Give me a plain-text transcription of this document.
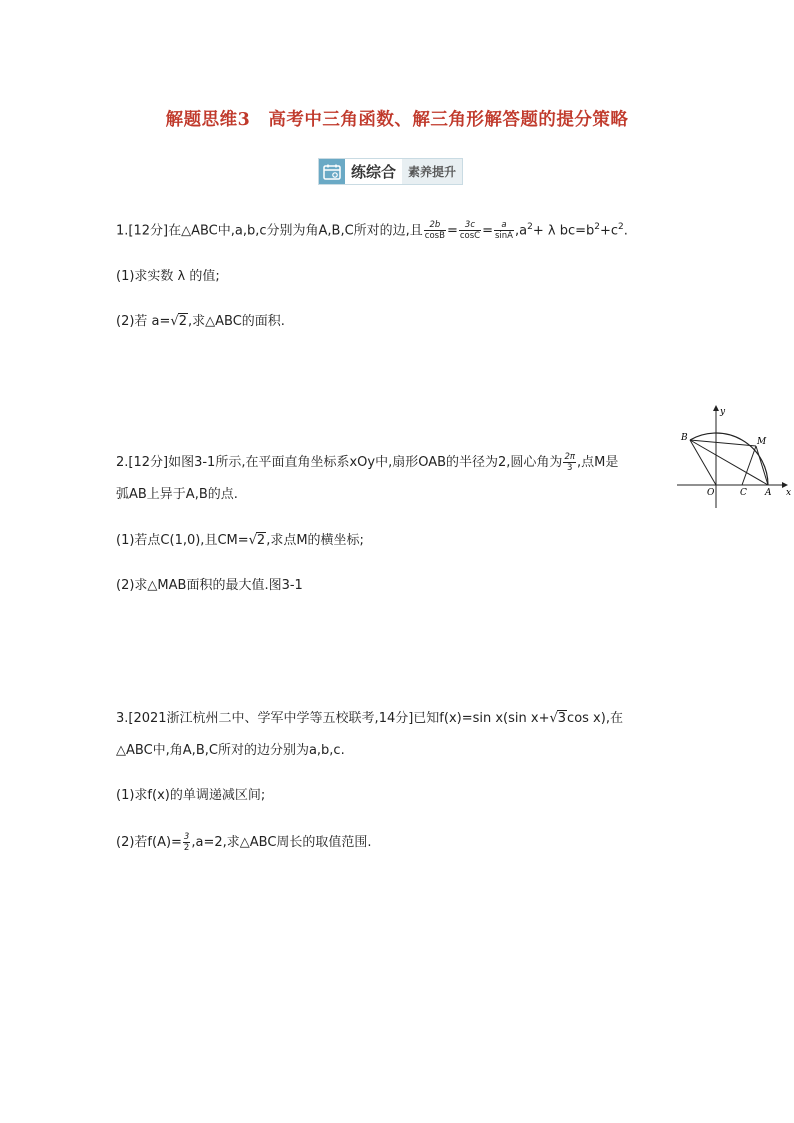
解题思维3　高考中三角函数、解三角形解答题的提分策略
练综合	素养提升
1.[12分]在△ABC中,a,b,c分别为角A,B,C所对的边,且 $\frac{2b}{\cos B} = \frac{3c}{\cos C} = \frac{a}{\sin A} ,a^2+ \lambda$ $bc=b^2+c^2$.
(1)求实数 λ 的值;
(2)若 a=√2,求△ABC的面积.
2.[12分]如图3-1所示,在平面直角坐标系xOy中,扇形OAB的半径为2,圆心角为 $\frac{2\pi}{3}$ ,点M是
弧AB上异于A,B的点.
(1)若点C(1,0),且CM=√2,求点M的横坐标;
(2)求△MAB面积的最大值.图3-1
y
x
O	A
C
B	M
3.[2021浙江杭州二中、学军中学等五校联考,14分]已知f(x)=sin x(sin x+√3cos x),在
△ABC中,角A,B,C所对的边分别为a,b,c.
(1)求f(x)的单调递减区间;
(2)若$f(A)= \frac{3}{2} ,a=2$,求△ABC周长的取值范围.
